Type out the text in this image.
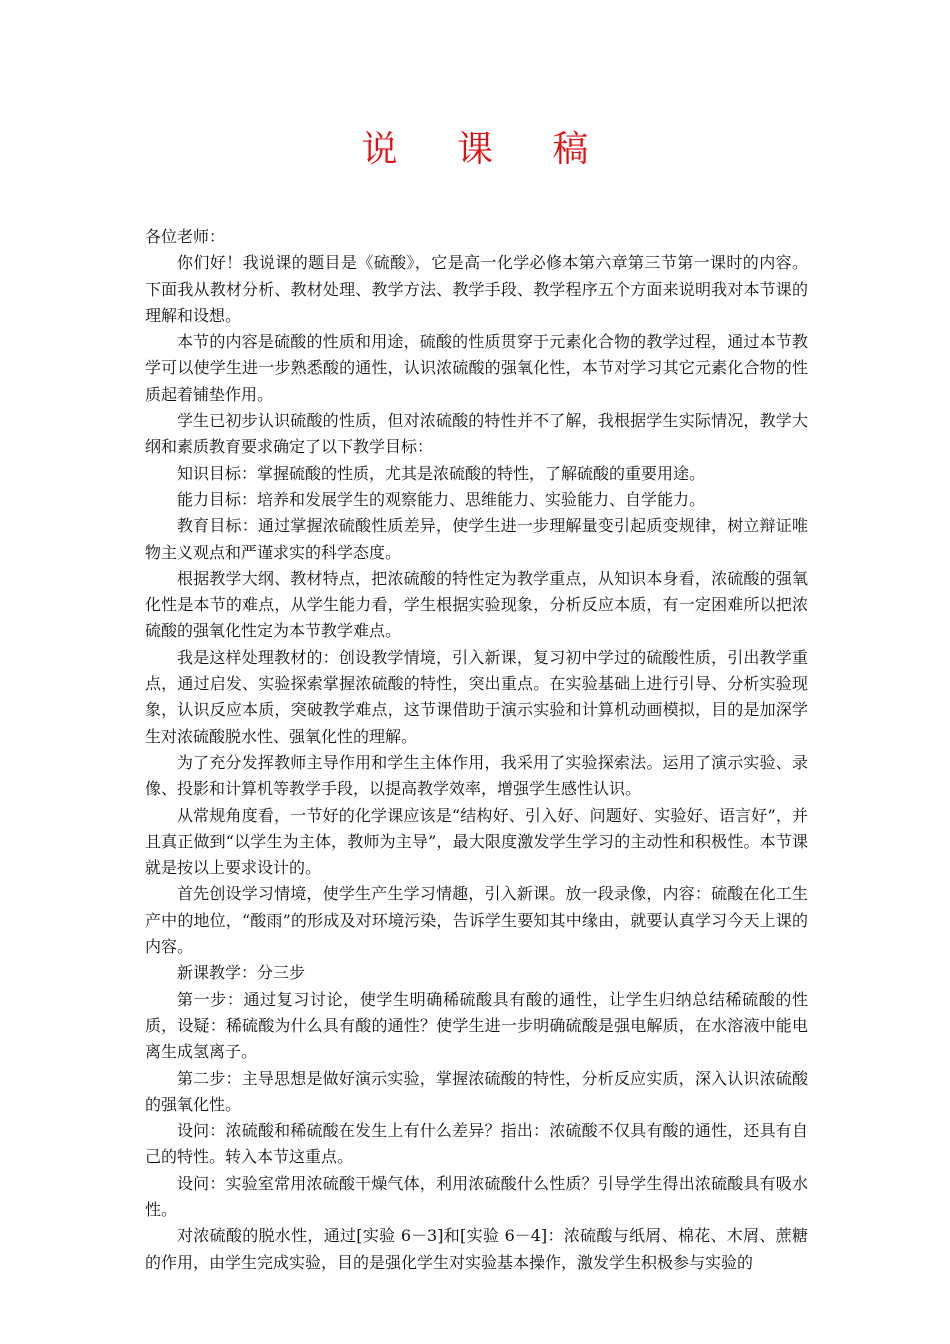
说 课 稿

各位老师：

你们好！我说课的题目是《硫酸》，它是高一化学必修本第六章第三节第一课时的内容。下面我从教材分析、教材处理、教学方法、教学手段、教学程序五个方面来说明我对本节课的理解和设想。

本节的内容是硫酸的性质和用途，硫酸的性质贯穿于元素化合物的教学过程，通过本节教学可以使学生进一步熟悉酸的通性，认识浓硫酸的强氧化性，本节对学习其它元素化合物的性质起着铺垫作用。

学生已初步认识硫酸的性质，但对浓硫酸的特性并不了解，我根据学生实际情况，教学大纲和素质教育要求确定了以下教学目标：

知识目标：掌握硫酸的性质，尤其是浓硫酸的特性，了解硫酸的重要用途。

能力目标：培养和发展学生的观察能力、思维能力、实验能力、自学能力。

教育目标：通过掌握浓硫酸性质差异，使学生进一步理解量变引起质变规律，树立辩证唯物主义观点和严谨求实的科学态度。

根据教学大纲、教材特点，把浓硫酸的特性定为教学重点，从知识本身看，浓硫酸的强氧化性是本节的难点，从学生能力看，学生根据实验现象，分析反应本质，有一定困难所以把浓硫酸的强氧化性定为本节教学难点。

我是这样处理教材的：创设教学情境，引入新课，复习初中学过的硫酸性质，引出教学重点，通过启发、实验探索掌握浓硫酸的特性，突出重点。在实验基础上进行引导、分析实验现象，认识反应本质，突破教学难点，这节课借助于演示实验和计算机动画模拟，目的是加深学生对浓硫酸脱水性、强氧化性的理解。

为了充分发挥教师主导作用和学生主体作用，我采用了实验探索法。运用了演示实验、录像、投影和计算机等教学手段，以提高教学效率，增强学生感性认识。

从常规角度看，一节好的化学课应该是“结构好、引入好、问题好、实验好、语言好”，并且真正做到“以学生为主体，教师为主导”，最大限度激发学生学习的主动性和积极性。本节课就是按以上要求设计的。

首先创设学习情境，使学生产生学习情趣，引入新课。放一段录像，内容：硫酸在化工生产中的地位，“酸雨”的形成及对环境污染，告诉学生要知其中缘由，就要认真学习今天上课的内容。

新课教学：分三步

第一步：通过复习讨论，使学生明确稀硫酸具有酸的通性，让学生归纳总结稀硫酸的性质，设疑：稀硫酸为什么具有酸的通性？使学生进一步明确硫酸是强电解质，在水溶液中能电离生成氢离子。

第二步：主导思想是做好演示实验，掌握浓硫酸的特性，分析反应实质，深入认识浓硫酸的强氧化性。

设问：浓硫酸和稀硫酸在发生上有什么差异？指出：浓硫酸不仅具有酸的通性，还具有自己的特性。转入本节这重点。

设问：实验室常用浓硫酸干燥气体，利用浓硫酸什么性质？引导学生得出浓硫酸具有吸水性。

对浓硫酸的脱水性，通过[实验 6－3]和[实验 6－4]：浓硫酸与纸屑、棉花、木屑、蔗糖的作用，由学生完成实验，目的是强化学生对实验基本操作，激发学生积极参与实验的
